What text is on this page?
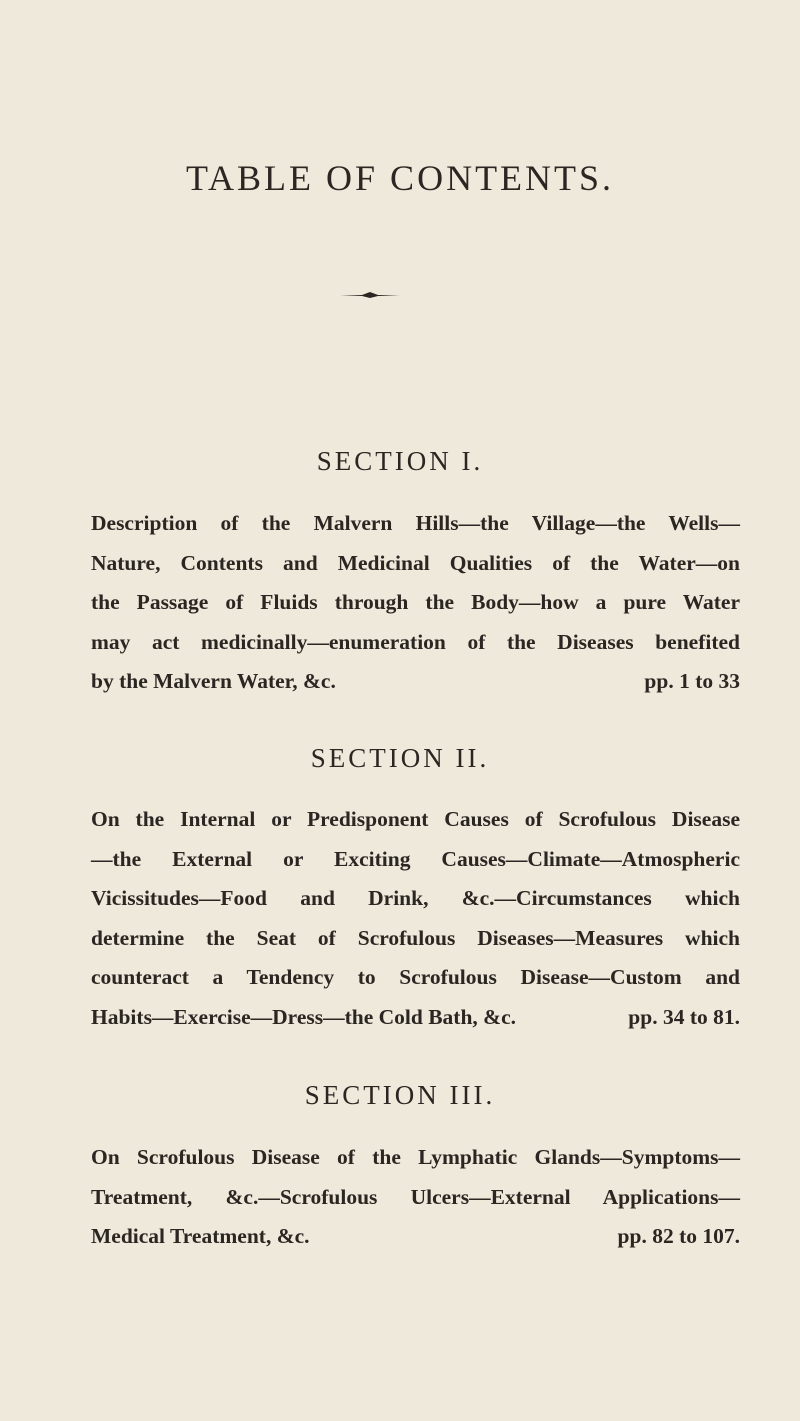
TABLE OF CONTENTS.
SECTION I.
Description of the Malvern Hills—the Village—the Wells—
Nature, Contents and Medicinal Qualities of the Water—on
the Passage of Fluids through the Body—how a pure Water
may act medicinally—enumeration of the Diseases benefited
by the Malvern Water, &c.	pp. 1 to 33
SECTION II.
On the Internal or Predisponent Causes of Scrofulous Disease
—the External or Exciting Causes—Climate—Atmospheric
Vicissitudes—Food and Drink, &c.—Circumstances which
determine the Seat of Scrofulous Diseases—Measures which
counteract a Tendency to Scrofulous Disease—Custom and
Habits—Exercise—Dress—the Cold Bath, &c.	pp. 34 to 81.
SECTION III.
On Scrofulous Disease of the Lymphatic Glands—Symptoms—
Treatment, &c.—Scrofulous Ulcers—External Applications—
Medical Treatment, &c.	pp. 82 to 107.
